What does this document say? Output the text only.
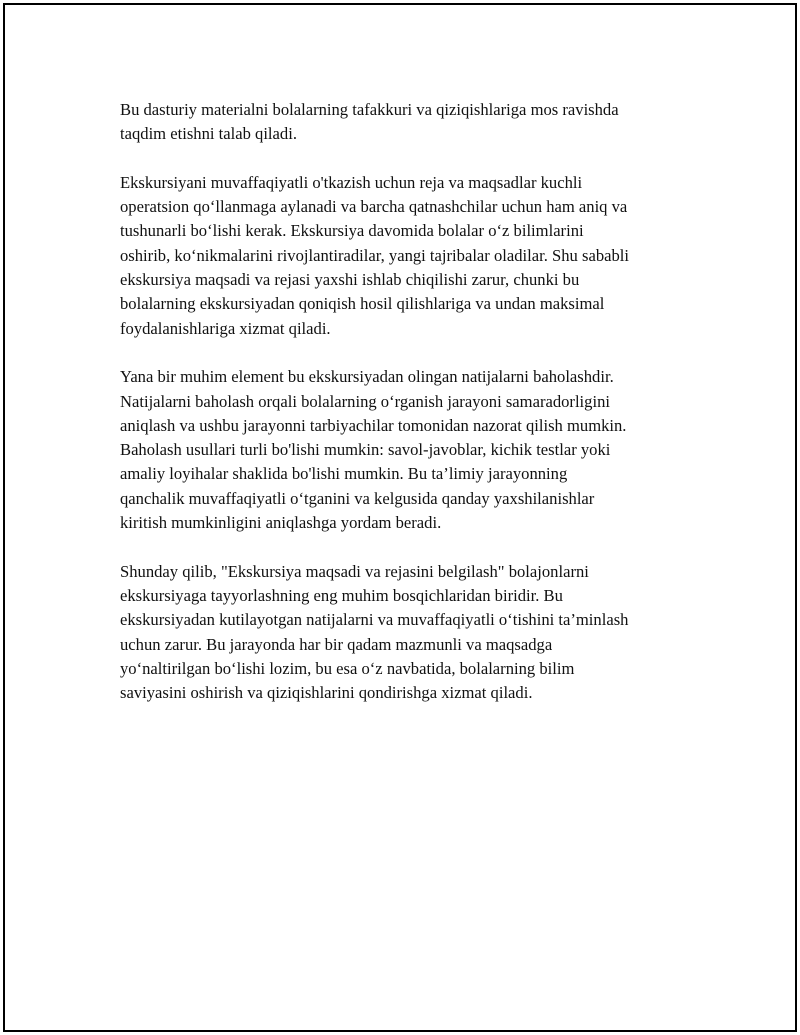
Bu dasturiy materialni bolalarning tafakkuri va qiziqishlariga mos ravishda
taqdim etishni talab qiladi.

Ekskursiyani muvaffaqiyatli o'tkazish uchun reja va maqsadlar kuchli
operatsion qo‘llanmaga aylanadi va barcha qatnashchilar uchun ham aniq va
tushunarli bo‘lishi kerak. Ekskursiya davomida bolalar o‘z bilimlarini
oshirib, ko‘nikmalarini rivojlantiradilar, yangi tajribalar oladilar. Shu sababli
ekskursiya maqsadi va rejasi yaxshi ishlab chiqilishi zarur, chunki bu
bolalarning ekskursiyadan qoniqish hosil qilishlariga va undan maksimal
foydalanishlariga xizmat qiladi.

Yana bir muhim element bu ekskursiyadan olingan natijalarni baholashdir.
Natijalarni baholash orqali bolalarning o‘rganish jarayoni samaradorligini
aniqlash va ushbu jarayonni tarbiyachilar tomonidan nazorat qilish mumkin.
Baholash usullari turli bo'lishi mumkin: savol-javoblar, kichik testlar yoki
amaliy loyihalar shaklida bo'lishi mumkin. Bu ta’limiy jarayonning
qanchalik muvaffaqiyatli o‘tganini va kelgusida qanday yaxshilanishlar
kiritish mumkinligini aniqlashga yordam beradi.

Shunday qilib, "Ekskursiya maqsadi va rejasini belgilash" bolajonlarni
ekskursiyaga tayyorlashning eng muhim bosqichlaridan biridir. Bu
ekskursiyadan kutilayotgan natijalarni va muvaffaqiyatli o‘tishini ta’minlash
uchun zarur. Bu jarayonda har bir qadam mazmunli va maqsadga
yo‘naltirilgan bo‘lishi lozim, bu esa o‘z navbatida, bolalarning bilim
saviyasini oshirish va qiziqishlarini qondirishga xizmat qiladi.
